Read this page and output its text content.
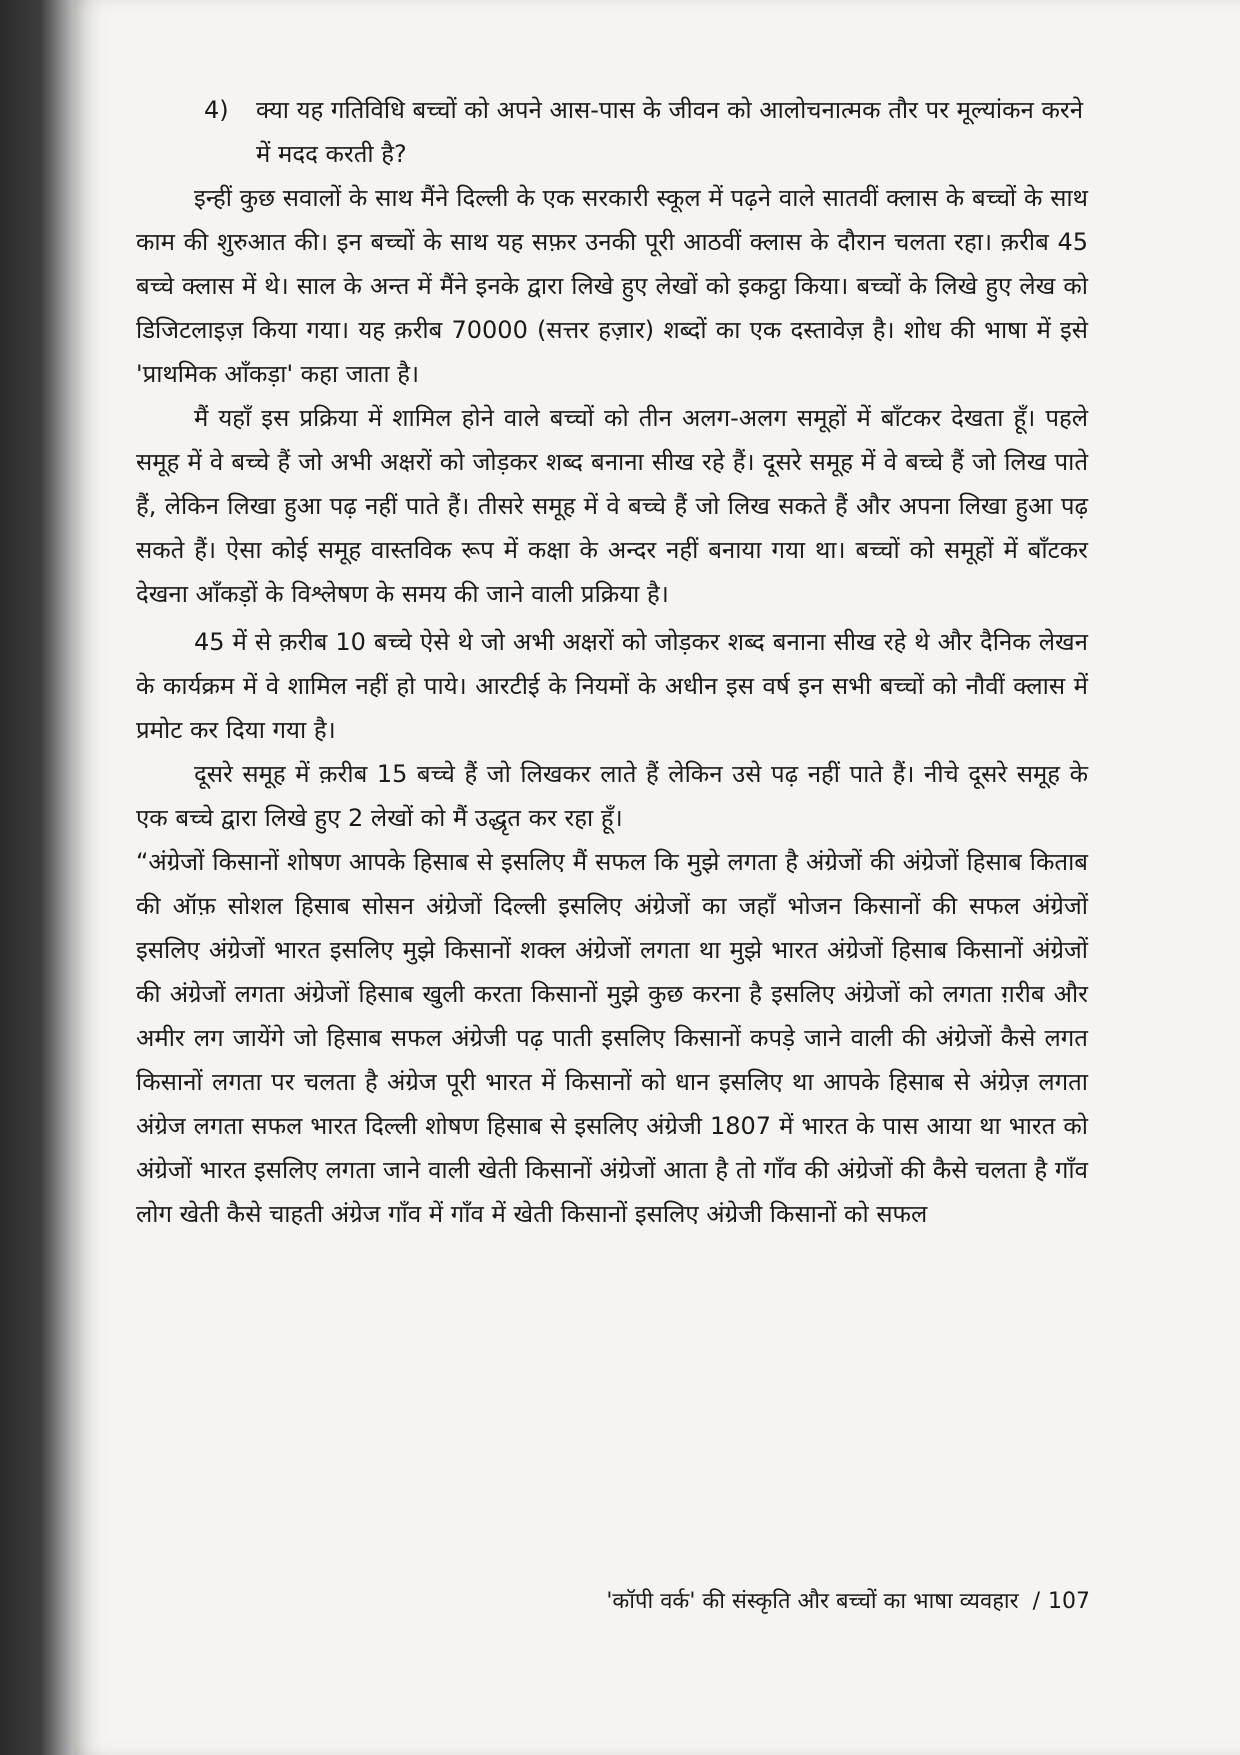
4)	क्या यह गतिविधि बच्चों को अपने आस-पास के जीवन को आलोचनात्मक तौर पर मूल्यांकन करने में मदद करती है?

इन्हीं कुछ सवालों के साथ मैंने दिल्ली के एक सरकारी स्कूल में पढ़ने वाले सातवीं क्लास के बच्चों के साथ काम की शुरुआत की। इन बच्चों के साथ यह सफ़र उनकी पूरी आठवीं क्लास के दौरान चलता रहा। क़रीब 45 बच्चे क्लास में थे। साल के अन्त में मैंने इनके द्वारा लिखे हुए लेखों को इकट्ठा किया। बच्चों के लिखे हुए लेख को डिजिटलाइज़ किया गया। यह क़रीब 70000 (सत्तर हज़ार) शब्दों का एक दस्तावेज़ है। शोध की भाषा में इसे 'प्राथमिक आँकड़ा' कहा जाता है।

मैं यहाँ इस प्रक्रिया में शामिल होने वाले बच्चों को तीन अलग-अलग समूहों में बाँटकर देखता हूँ। पहले समूह में वे बच्चे हैं जो अभी अक्षरों को जोड़कर शब्द बनाना सीख रहे हैं। दूसरे समूह में वे बच्चे हैं जो लिख पाते हैं, लेकिन लिखा हुआ पढ़ नहीं पाते हैं। तीसरे समूह में वे बच्चे हैं जो लिख सकते हैं और अपना लिखा हुआ पढ़ सकते हैं। ऐसा कोई समूह वास्तविक रूप में कक्षा के अन्दर नहीं बनाया गया था। बच्चों को समूहों में बाँटकर देखना आँकड़ों के विश्लेषण के समय की जाने वाली प्रक्रिया है।

45 में से क़रीब 10 बच्चे ऐसे थे जो अभी अक्षरों को जोड़कर शब्द बनाना सीख रहे थे और दैनिक लेखन के कार्यक्रम में वे शामिल नहीं हो पाये। आरटीई के नियमों के अधीन इस वर्ष इन सभी बच्चों को नौवीं क्लास में प्रमोट कर दिया गया है।

दूसरे समूह में क़रीब 15 बच्चे हैं जो लिखकर लाते हैं लेकिन उसे पढ़ नहीं पाते हैं। नीचे दूसरे समूह के एक बच्चे द्वारा लिखे हुए 2 लेखों को मैं उद्धृत कर रहा हूँ।

“अंग्रेजों किसानों शोषण आपके हिसाब से इसलिए मैं सफल कि मुझे लगता है अंग्रेजों की अंग्रेजों हिसाब किताब की ऑफ़ सोशल हिसाब सोसन अंग्रेजों दिल्ली इसलिए अंग्रेजों का जहाँ भोजन किसानों की सफल अंग्रेजों इसलिए अंग्रेजों भारत इसलिए मुझे किसानों शक्ल अंग्रेजों लगता था मुझे भारत अंग्रेजों हिसाब किसानों अंग्रेजों की अंग्रेजों लगता अंग्रेजों हिसाब खुली करता किसानों मुझे कुछ करना है इसलिए अंग्रेजों को लगता ग़रीब और अमीर लग जायेंगे जो हिसाब सफल अंग्रेजी पढ़ पाती इसलिए किसानों कपड़े जाने वाली की अंग्रेजों कैसे लगत किसानों लगता पर चलता है अंग्रेज पूरी भारत में किसानों को धान इसलिए था आपके हिसाब से अंग्रेज़ लगता अंग्रेज लगता सफल भारत दिल्ली शोषण हिसाब से इसलिए अंग्रेजी 1807 में भारत के पास आया था भारत को अंग्रेजों भारत इसलिए लगता जाने वाली खेती किसानों अंग्रेजों आता है तो गाँव की अंग्रेजों की कैसे चलता है गाँव लोग खेती कैसे चाहती अंग्रेज गाँव में गाँव में खेती किसानों इसलिए अंग्रेजी किसानों को सफल

'कॉपी वर्क' की संस्कृति और बच्चों का भाषा व्यवहार / 107
